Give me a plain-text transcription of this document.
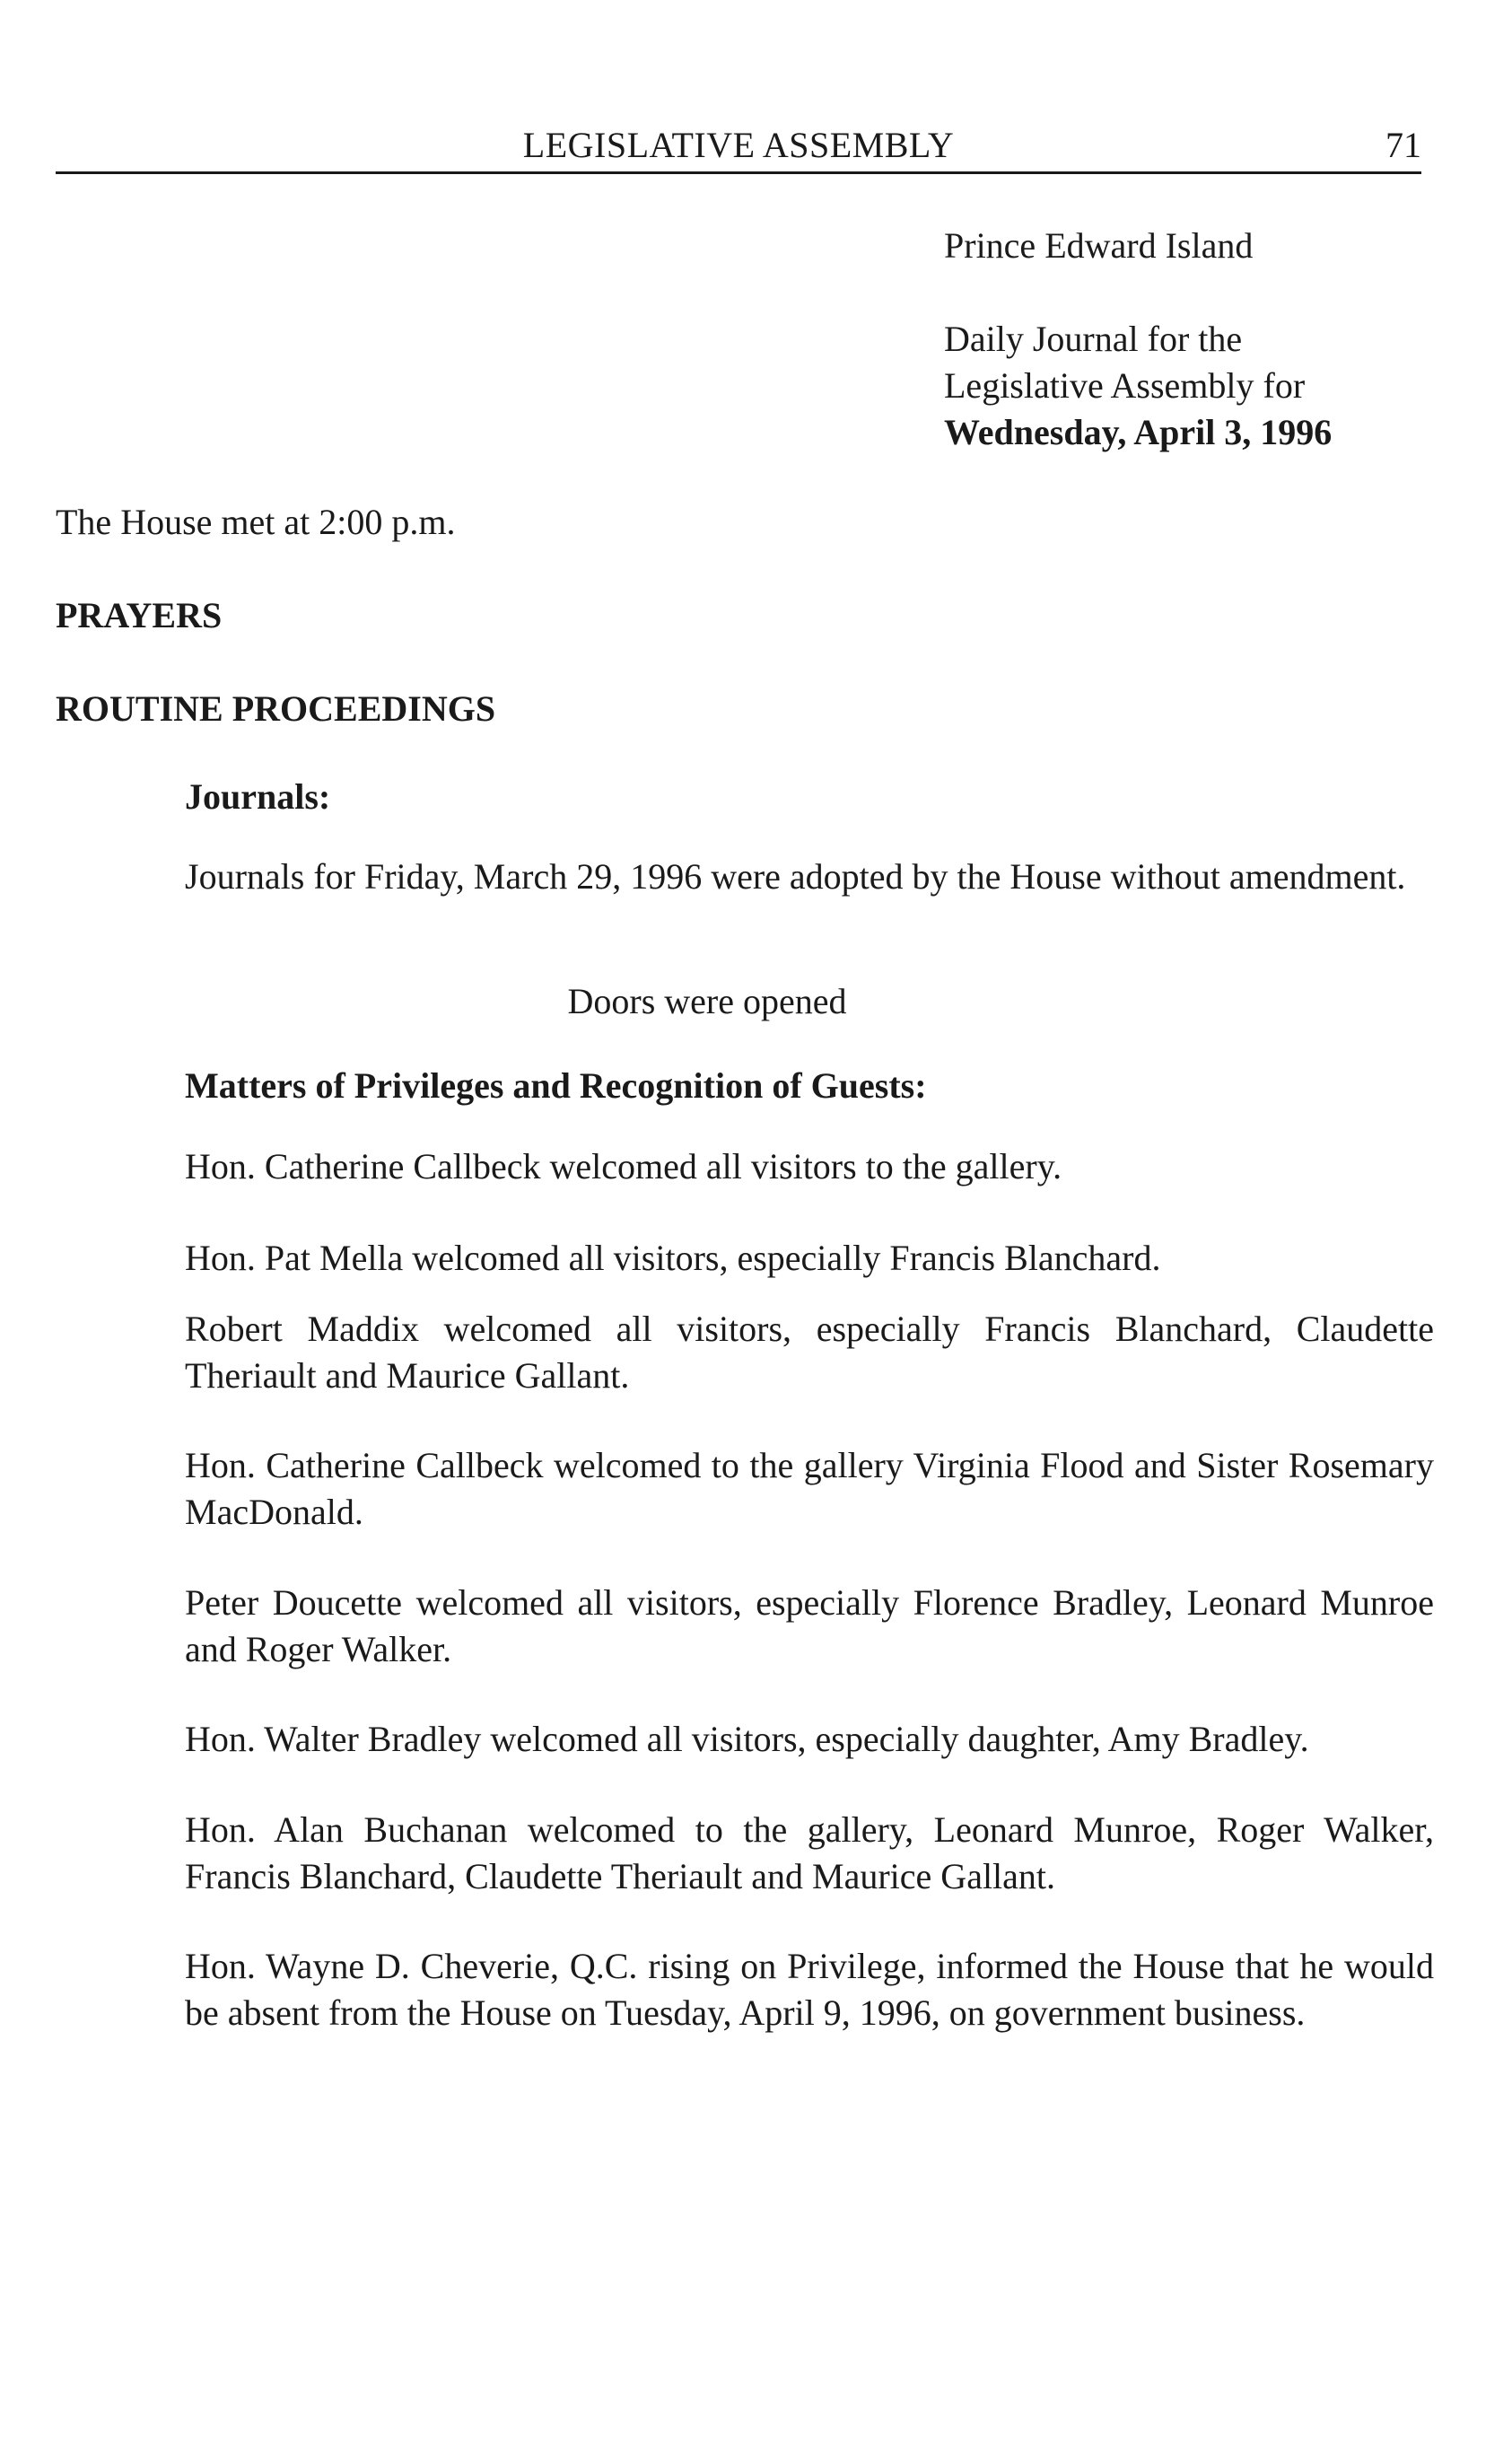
LEGISLATIVE ASSEMBLY	71
Prince Edward Island
Daily Journal for the
Legislative Assembly for
Wednesday, April 3, 1996
The House met at 2:00 p.m.
PRAYERS
ROUTINE PROCEEDINGS
Journals:
Journals for Friday, March 29, 1996 were adopted by the House without amendment.
Doors were opened
Matters of Privileges and Recognition of Guests:
Hon. Catherine Callbeck welcomed all visitors to the gallery.
Hon. Pat Mella welcomed all visitors, especially Francis Blanchard.
Robert Maddix welcomed all visitors, especially Francis Blanchard, Claudette Theriault and Maurice Gallant.
Hon. Catherine Callbeck welcomed to the gallery Virginia Flood and Sister Rosemary MacDonald.
Peter Doucette welcomed all visitors, especially Florence Bradley, Leonard Munroe and Roger Walker.
Hon. Walter Bradley welcomed all visitors, especially daughter, Amy Bradley.
Hon. Alan Buchanan welcomed to the gallery, Leonard Munroe, Roger Walker, Francis Blanchard, Claudette Theriault and Maurice Gallant.
Hon. Wayne D. Cheverie, Q.C. rising on Privilege, informed the House that he would be absent from the House on Tuesday, April 9, 1996, on government business.
